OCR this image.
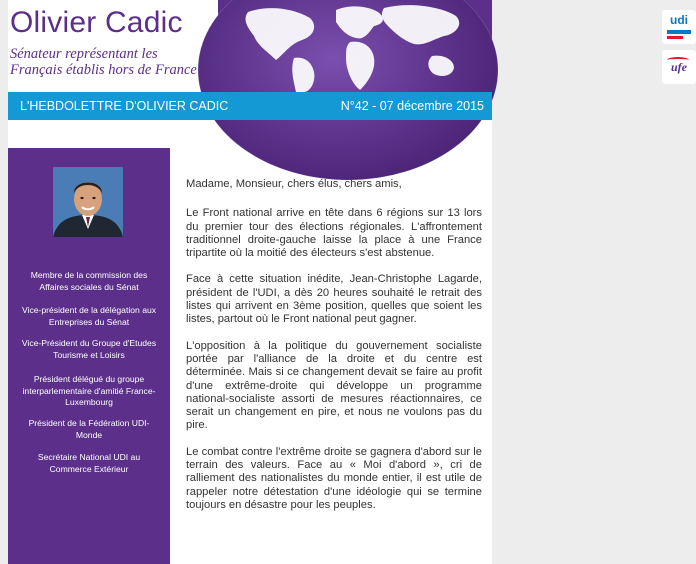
udi
ufe
Olivier Cadic
Sénateur représentant les Français établis hors de France
L'HEBDOLETTRE D'OLIVIER CADIC	N°42 - 07 décembre 2015
Membre de la commission des Affaires sociales du Sénat
Vice-président de la délégation aux Entreprises du Sénat
Vice-Président du Groupe d'Etudes Tourisme et Loisirs
Président délégué du groupe interparlementaire d'amitié France-Luxembourg
Président de la Fédération UDI-Monde
Secrétaire National UDI au Commerce Extérieur

Madame, Monsieur, chers élus, chers amis,

Le Front national arrive en tête dans 6 régions sur 13 lors du premier tour des élections régionales. L'affrontement traditionnel droite-gauche laisse la place à une France tripartite où la moitié des électeurs s'est abstenue.

Face à cette situation inédite, Jean-Christophe Lagarde, président de l'UDI, a dès 20 heures souhaité le retrait des listes qui arrivent en 3ème position, quelles que soient les listes, partout où le Front national peut gagner.

L'opposition à la politique du gouvernement socialiste portée par l'alliance de la droite et du centre est déterminée. Mais si ce changement devait se faire au profit d'une extrême-droite qui développe un programme national-socialiste assorti de mesures réactionnaires, ce serait un changement en pire, et nous ne voulons pas du pire.

Le combat contre l'extrême droite se gagnera d'abord sur le terrain des valeurs. Face au « Moi d'abord », cri de ralliement des nationalistes du monde entier, il est utile de rappeler notre détestation d'une idéologie qui se termine toujours en désastre pour les peuples.
